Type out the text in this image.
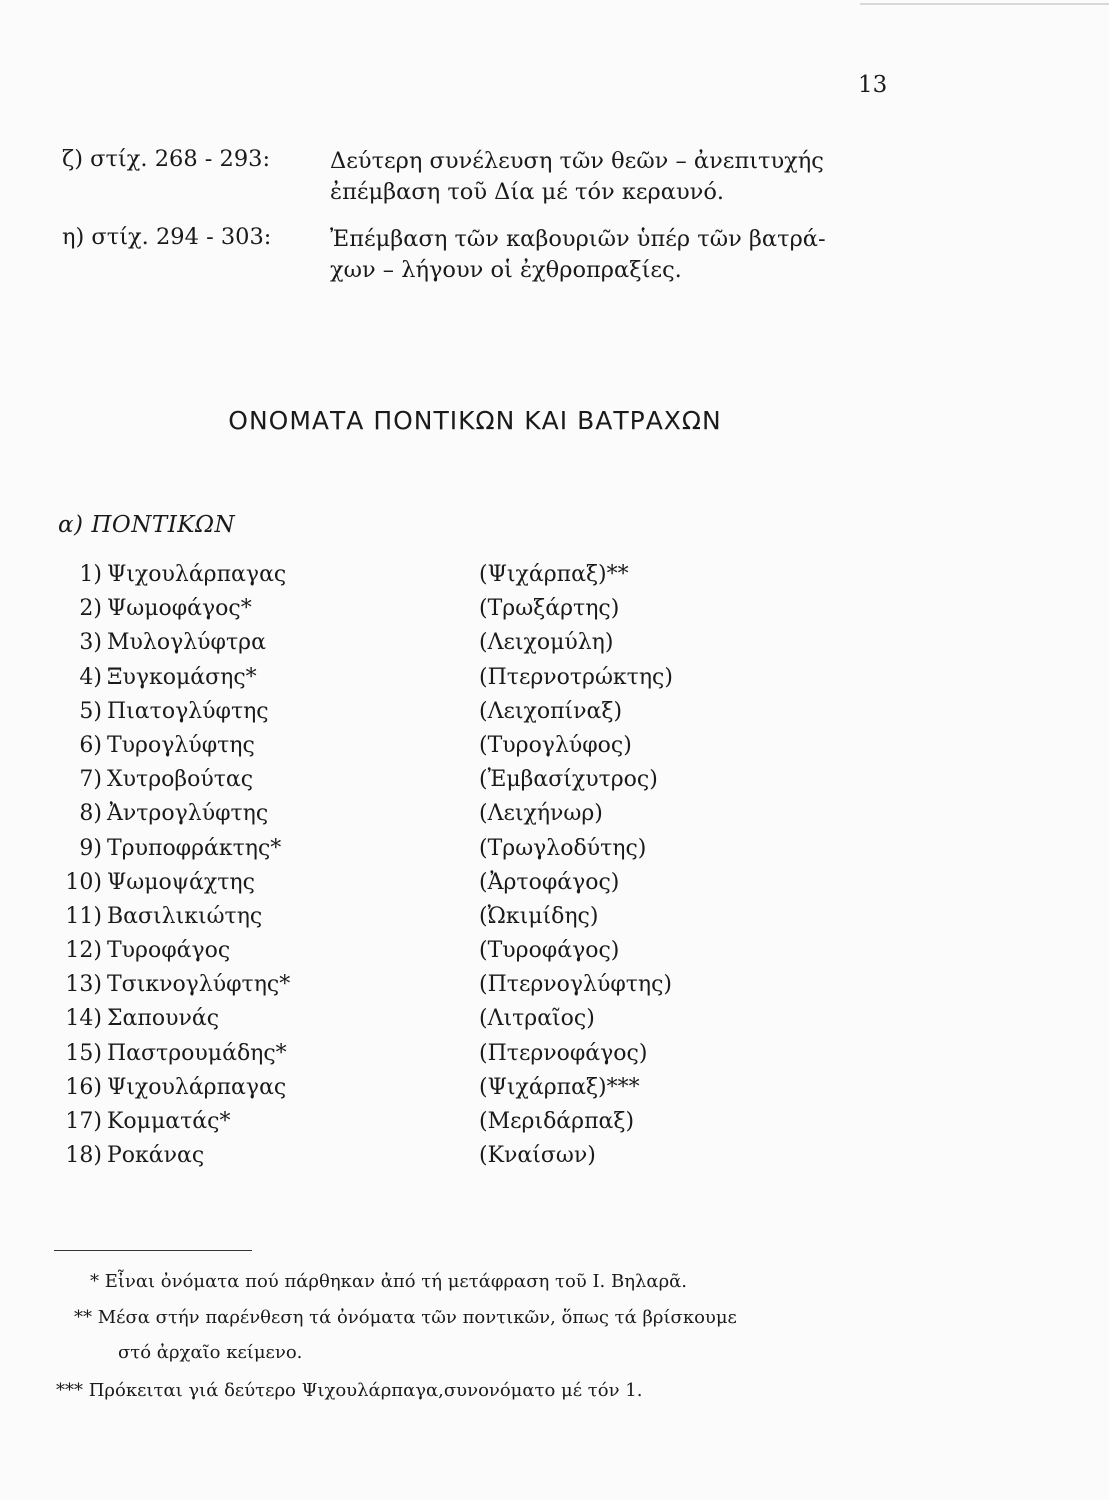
13
ζ) στίχ. 268 - 293:	Δεύτερη συνέλευση τῶν θεῶν – ἀνεπιτυχής
ἐπέμβαση τοῦ Δία μέ τόν κεραυνό.
η) στίχ. 294 - 303:	Ἐπέμβαση τῶν καβουριῶν ὑπέρ τῶν βατρά-
χων – λήγουν οἱ ἐχθροπραξίες.
ΟΝΟΜΑΤΑ ΠΟΝΤΙΚΩΝ ΚΑΙ ΒΑΤΡΑΧΩΝ
α) ΠΟΝΤΙΚΩΝ
1) Ψιχουλάρπαγας	(Ψιχάρπαξ)**
2) Ψωμοφάγος*	(Τρωξάρτης)
3) Μυλογλύφτρα	(Λειχομύλη)
4) Ξυγκομάσης*	(Πτερνοτρώκτης)
5) Πιατογλύφτης	(Λειχοπίναξ)
6) Τυρογλύφτης	(Τυρογλύφος)
7) Χυτροβούτας	(Ἐμβασίχυτρος)
8) Ἀντρογλύφτης	(Λειχήνωρ)
9) Τρυποφράκτης*	(Τρωγλοδύτης)
10) Ψωμοψάχτης	(Ἀρτοφάγος)
11) Βασιλικιώτης	(Ὠκιμίδης)
12) Τυροφάγος	(Τυροφάγος)
13) Τσικνογλύφτης*	(Πτερνογλύφτης)
14) Σαπουνάς	(Λιτραῖος)
15) Παστρουμάδης*	(Πτερνοφάγος)
16) Ψιχουλάρπαγας	(Ψιχάρπαξ)***
17) Κομματάς*	(Μεριδάρπαξ)
18) Ροκάνας	(Κναίσων)
* Εἶναι ὀνόματα πού πάρθηκαν ἀπό τή μετάφραση τοῦ Ι. Βηλαρᾶ.
** Μέσα στήν παρένθεση τά ὀνόματα τῶν ποντικῶν, ὅπως τά βρίσκουμε
στό ἀρχαῖο κείμενο.
*** Πρόκειται γιά δεύτερο Ψιχουλάρπαγα,συνονόματο μέ τόν 1.
